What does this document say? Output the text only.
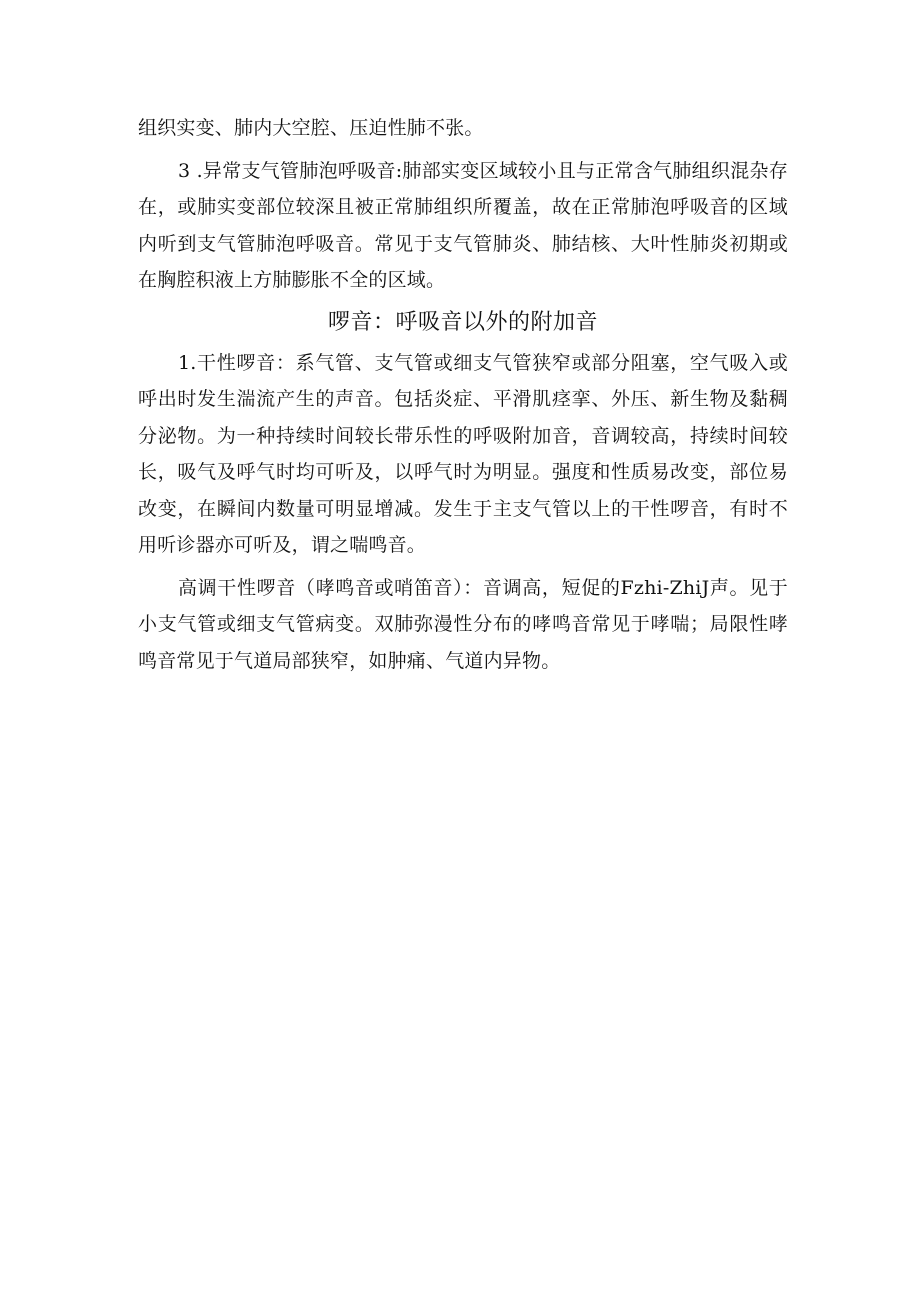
组织实变、肺内大空腔、压迫性肺不张。

3 .异常支气管肺泡呼吸音:肺部实变区域较小且与正常含气肺组织混杂存在，或肺实变部位较深且被正常肺组织所覆盖，故在正常肺泡呼吸音的区域内听到支气管肺泡呼吸音。常见于支气管肺炎、肺结核、大叶性肺炎初期或在胸腔积液上方肺膨胀不全的区域。

啰音：呼吸音以外的附加音

1.干性啰音：系气管、支气管或细支气管狭窄或部分阻塞，空气吸入或呼出时发生湍流产生的声音。包括炎症、平滑肌痉挛、外压、新生物及黏稠分泌物。为一种持续时间较长带乐性的呼吸附加音，音调较高，持续时间较长，吸气及呼气时均可听及，以呼气时为明显。强度和性质易改变，部位易改变，在瞬间内数量可明显增减。发生于主支气管以上的干性啰音，有时不用听诊器亦可听及，谓之喘鸣音。

高调干性啰音（哮鸣音或哨笛音）：音调高，短促的Fzhi-ZhiJ声。见于小支气管或细支气管病变。双肺弥漫性分布的哮鸣音常见于哮喘；局限性哮鸣音常见于气道局部狭窄，如肿痛、气道内异物。
